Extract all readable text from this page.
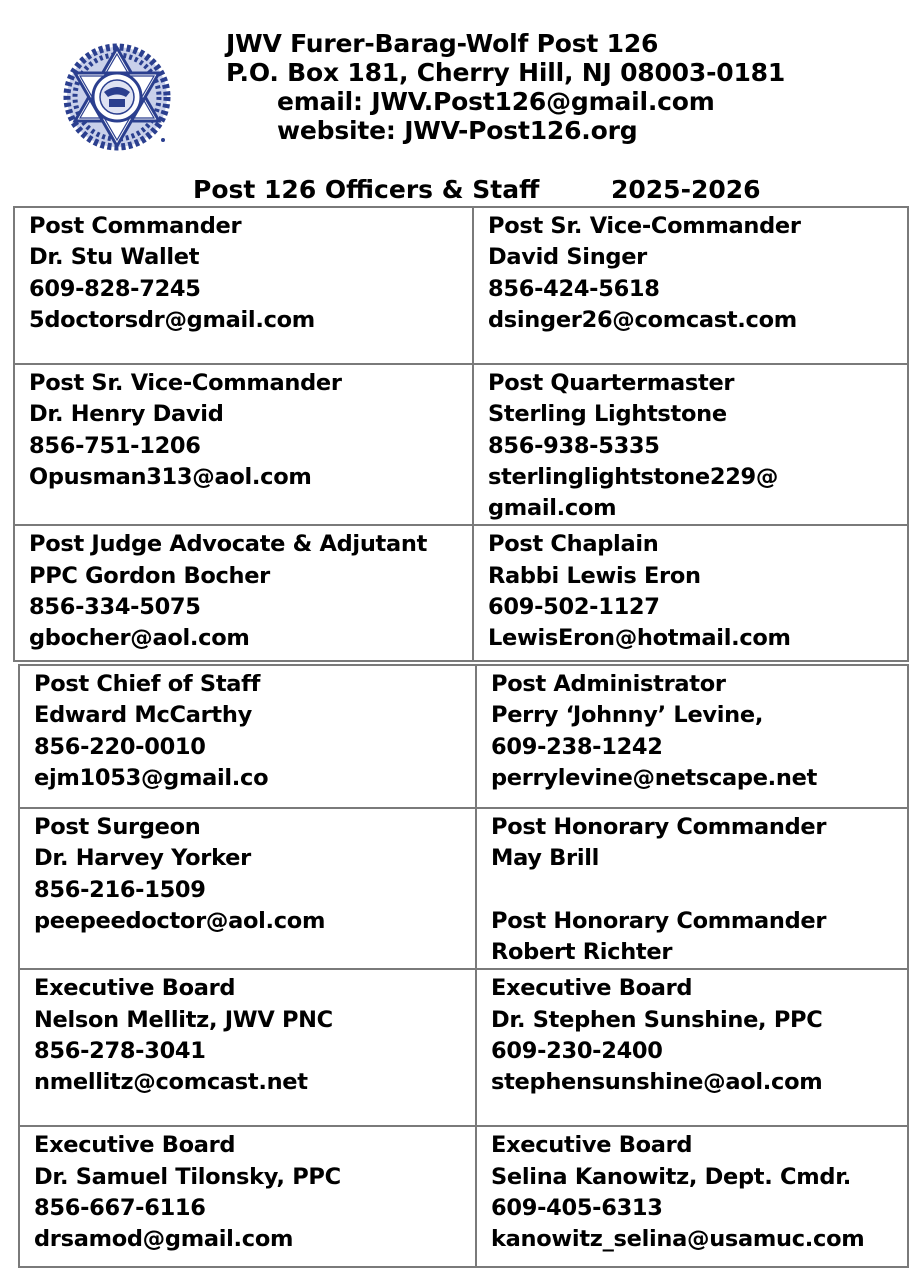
JWV Furer-Barag-Wolf Post 126
P.O. Box 181, Cherry Hill, NJ 08003-0181
email: JWV.Post126@gmail.com
website: JWV-Post126.org
Post 126 Officers & Staff	2025-2026
Post Commander
Dr. Stu Wallet
609-828-7245
5doctorsdr@gmail.com	Post Sr. Vice-Commander
David Singer
856-424-5618
dsinger26@comcast.com

Post Sr. Vice-Commander
Dr. Henry David
856-751-1206
Opusman313@aol.com	Post Quartermaster
Sterling Lightstone
856-938-5335
sterlinglightstone229@
gmail.com

Post Judge Advocate & Adjutant
PPC Gordon Bocher
856-334-5075
gbocher@aol.com	Post Chaplain
Rabbi Lewis Eron
609-502-1127
LewisEron@hotmail.com
Post Chief of Staff
Edward McCarthy
856-220-0010
ejm1053@gmail.co	Post Administrator
Perry ‘Johnny’ Levine,
609-238-1242
perrylevine@netscape.net

Post Surgeon
Dr. Harvey Yorker
856-216-1509
peepeedoctor@aol.com	Post Honorary Commander
May Brill
Post Honorary Commander
Robert Richter

Executive Board
Nelson Mellitz, JWV PNC
856-278-3041
nmellitz@comcast.net	Executive Board
Dr. Stephen Sunshine, PPC
609-230-2400
stephensunshine@aol.com

Executive Board
Dr. Samuel Tilonsky, PPC
856-667-6116
drsamod@gmail.com	Executive Board
Selina Kanowitz, Dept. Cmdr.
609-405-6313
kanowitz_selina@usamuc.com
